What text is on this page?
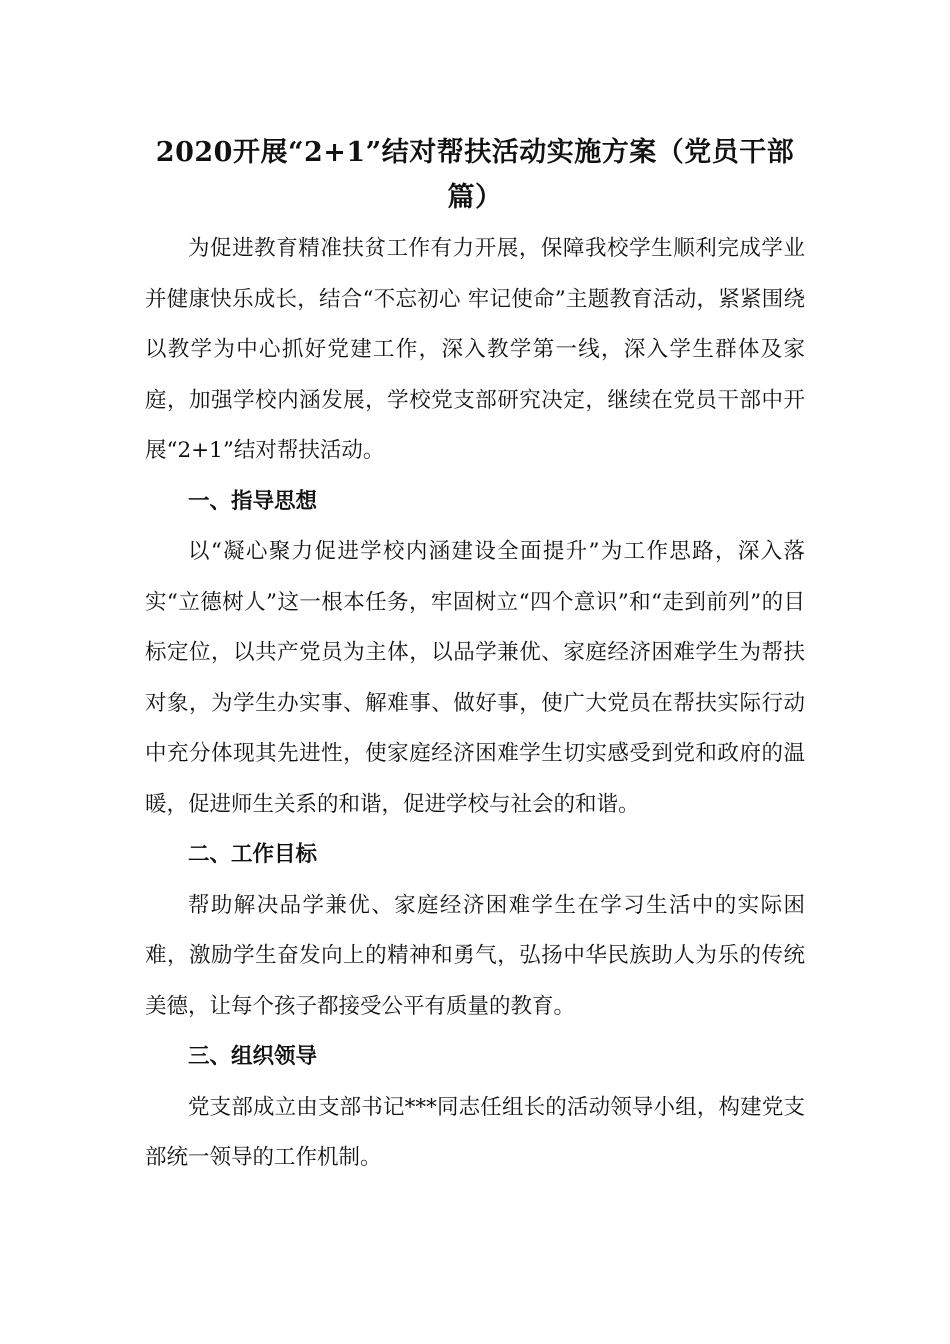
2020开展“2+1”结对帮扶活动实施方案（党员干部篇）

为促进教育精准扶贫工作有力开展，保障我校学生顺利完成学业并健康快乐成长，结合“不忘初心 牢记使命”主题教育活动，紧紧围绕以教学为中心抓好党建工作，深入教学第一线，深入学生群体及家庭，加强学校内涵发展，学校党支部研究决定，继续在党员干部中开展“2+1”结对帮扶活动。

一、指导思想

以“凝心聚力促进学校内涵建设全面提升”为工作思路，深入落实“立德树人”这一根本任务，牢固树立“四个意识”和“走到前列”的目标定位，以共产党员为主体，以品学兼优、家庭经济困难学生为帮扶对象，为学生办实事、解难事、做好事，使广大党员在帮扶实际行动中充分体现其先进性，使家庭经济困难学生切实感受到党和政府的温暖，促进师生关系的和谐，促进学校与社会的和谐。

二、工作目标

帮助解决品学兼优、家庭经济困难学生在学习生活中的实际困难，激励学生奋发向上的精神和勇气，弘扬中华民族助人为乐的传统美德，让每个孩子都接受公平有质量的教育。

三、组织领导

党支部成立由支部书记***同志任组长的活动领导小组，构建党支部统一领导的工作机制。
